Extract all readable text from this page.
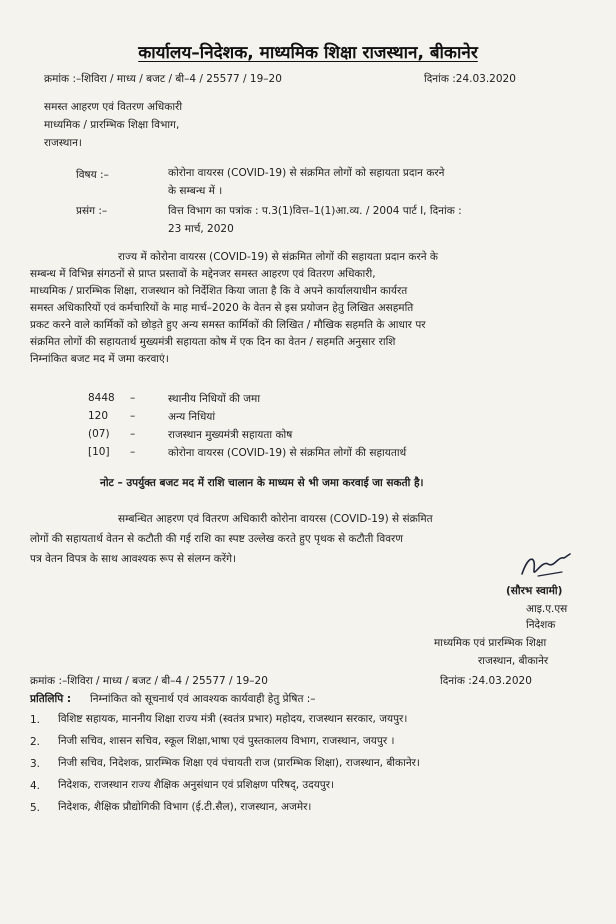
कार्यालय–निदेशक, माध्यमिक शिक्षा राजस्थान, बीकानेर
क्रमांक :–शिविरा / माध्य / बजट / बी–4 / 25577 / 19–20	दिनांक :24.03.2020
समस्त आहरण एवं वितरण अधिकारी
माध्यमिक / प्रारम्भिक शिक्षा विभाग,
राजस्थान।
विषय :–	कोरोना वायरस (COVID-19) से संक्रमित लोगों को सहायता प्रदान करने
के सम्बन्ध में ।
प्रसंग :–	वित्त विभाग का पत्रांक : प.3(1)वित्त–1(1)आ.व्य. / 2004 पार्ट I, दिनांक :
23 मार्च, 2020
राज्य में कोरोना वायरस (COVID-19) से संक्रमित लोगों की सहायता प्रदान करने के
सम्बन्ध में विभिन्न संगठनों से प्राप्त प्रस्तावों के मद्देनजर समस्त आहरण एवं वितरण अधिकारी,
माध्यमिक / प्रारम्भिक शिक्षा, राजस्थान को निर्देशित किया जाता है कि वे अपने कार्यालयाधीन कार्यरत
समस्त अधिकारियों एवं कर्मचारियों के माह मार्च–2020 के वेतन से इस प्रयोजन हेतु लिखित असहमति
प्रकट करने वाले कार्मिकों को छोड़ते हुए अन्य समस्त कार्मिकों की लिखित / मौखिक सहमति के आधार पर
संक्रमित लोगों की सहायतार्थ मुख्यमंत्री सहायता कोष में एक दिन का वेतन / सहमति अनुसार राशि
निम्नांकित बजट मद में जमा करवाएं।
8448 –	स्थानीय निधियों की जमा
120 –	अन्य निधियां
(07) –	राजस्थान मुख्यमंत्री सहायता कोष
[10] –	कोरोना वायरस (COVID-19) से संक्रमित लोगों की सहायतार्थ
नोट – उपर्युक्त बजट मद में राशि चालान के माध्यम से भी जमा करवाई जा सकती है।
सम्बन्धित आहरण एवं वितरण अधिकारी कोरोना वायरस (COVID-19) से संक्रमित
लोगों की सहायतार्थ वेतन से कटौती की गई राशि का स्पष्ट उल्लेख करते हुए पृथक से कटौती विवरण
पत्र वेतन विपत्र के साथ आवश्यक रूप से संलग्न करेंगे।
(सौरभ स्वामी)
आइ.ए.एस
निदेशक
माध्यमिक एवं प्रारम्भिक शिक्षा
राजस्थान, बीकानेर
क्रमांक :–शिविरा / माध्य / बजट / बी–4 / 25577 / 19–20	दिनांक :24.03.2020
प्रतिलिपि : निम्नांकित को सूचनार्थ एवं आवश्यक कार्यवाही हेतु प्रेषित :–
1. विशिष्ट सहायक, माननीय शिक्षा राज्य मंत्री (स्वतंत्र प्रभार) महोदय, राजस्थान सरकार, जयपुर।
2. निजी सचिव, शासन सचिव, स्कूल शिक्षा,भाषा एवं पुस्तकालय विभाग, राजस्थान, जयपुर ।
3. निजी सचिव, निदेशक, प्रारम्भिक शिक्षा एवं पंचायती राज (प्रारम्भिक शिक्षा), राजस्थान, बीकानेर।
4. निदेशक, राजस्थान राज्य शैक्षिक अनुसंधान एवं प्रशिक्षण परिषद्, उदयपुर।
5. निदेशक, शैक्षिक प्रौद्योगिकी विभाग (ई.टी.सैल), राजस्थान, अजमेर।
